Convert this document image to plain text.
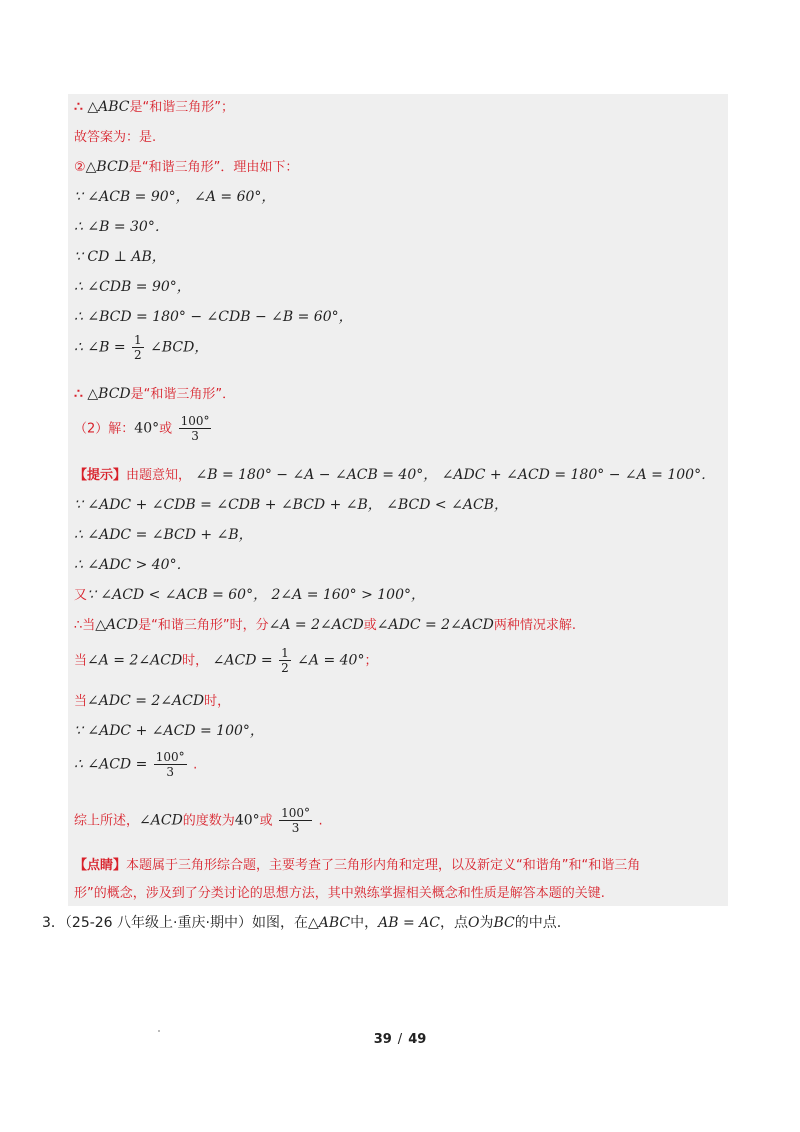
∴ △ABC是“和谐三角形”；
故答案为：是.
②△BCD是“和谐三角形”．理由如下：
∵ ∠ACB = 90°， ∠A = 60°，
∴ ∠B = 30°．
∵ CD ⊥ AB，
∴ ∠CDB = 90°，
∴ ∠BCD = 180° − ∠CDB − ∠B = 60°，
∴ ∠B = $\frac{1}{2}$ ∠BCD，
∴ △BCD是“和谐三角形”．
（2）解：40°或 $\frac{100^\circ}{3}$
【提示】由题意知， ∠B = 180° − ∠A − ∠ACB = 40°， ∠ADC + ∠ACD = 180° − ∠A = 100°．
∵ ∠ADC + ∠CDB = ∠CDB + ∠BCD + ∠B， ∠BCD < ∠ACB，
∴ ∠ADC = ∠BCD + ∠B，
∴ ∠ADC > 40°．
又∵ ∠ACD < ∠ACB = 60°， 2∠A = 160° > 100°，
∴当△ACD是“和谐三角形”时，分∠A = 2∠ACD或∠ADC = 2∠ACD两种情况求解.
当∠A = 2∠ACD时， ∠ACD = $\frac{1}{2}$ ∠A = 40°；
当∠ADC = 2∠ACD时，
∵ ∠ADC + ∠ACD = 100°，
∴ ∠ACD = $\frac{100^\circ}{3}$ .
综上所述，∠ACD的度数为40°或 $\frac{100^\circ}{3}$ .
【点睛】本题属于三角形综合题，主要考查了三角形内角和定理，以及新定义“和谐角”和“和谐三角
形”的概念，涉及到了分类讨论的思想方法，其中熟练掌握相关概念和性质是解答本题的关键.
3．（25-26 八年级上·重庆·期中）如图，在△ABC中，AB = AC，点O为BC的中点.
39 / 49
